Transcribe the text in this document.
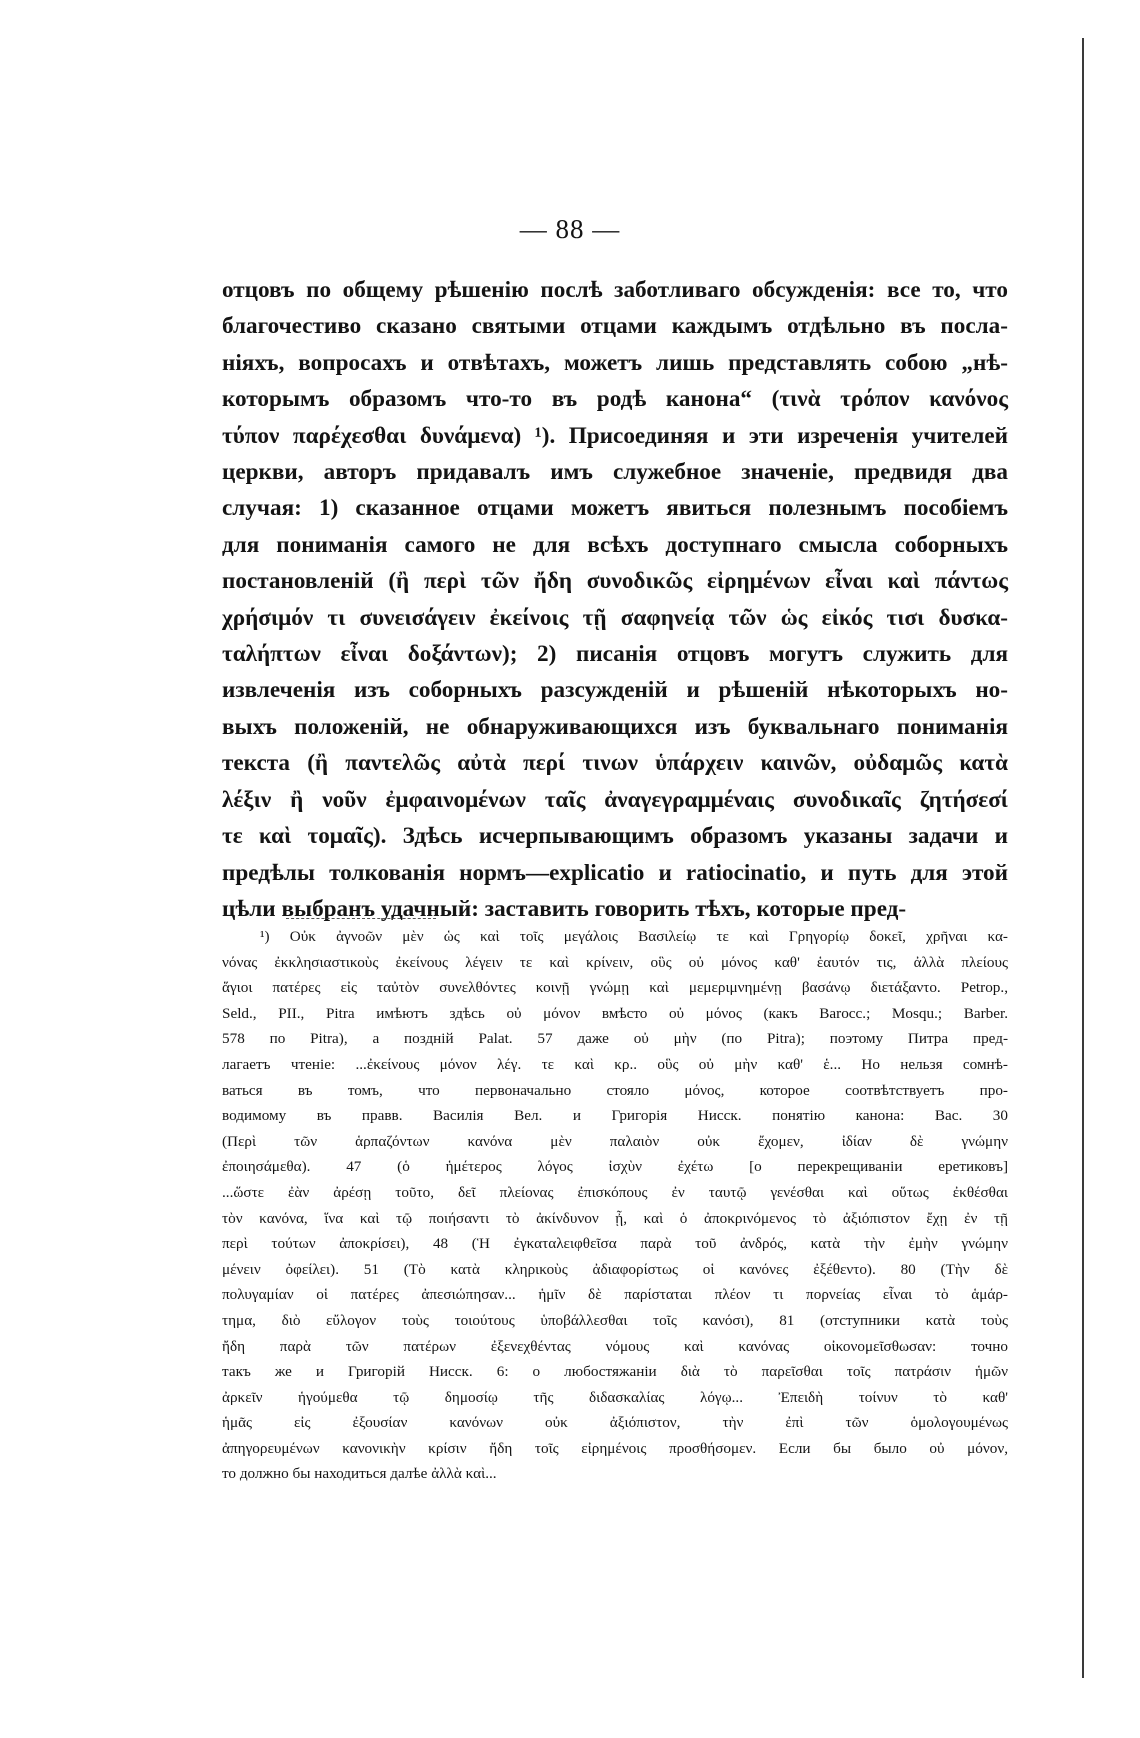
— 88 —
отцовъ по общему рѣшенію послѣ заботливаго обсужденія: все то, что
благочестиво сказано святыми отцами каждымъ отдѣльно въ посла-
ніяхъ, вопросахъ и отвѣтахъ, можетъ лишь представлять собою „нѣ-
которымъ образомъ что-то въ родѣ канона“ (τινὰ τρόπον κανόνος
τύπον παρέχεσθαι δυνάμενα) ¹). Присоединяя и эти изреченія учителей
церкви, авторъ придавалъ имъ служебное значеніе, предвидя два
случая: 1) сказанное отцами можетъ явиться полезнымъ пособіемъ
для пониманія самого не для всѣхъ доступнаго смысла соборныхъ
постановленій (ἢ περὶ τῶν ἤδη συνοδικῶς εἰρημένων εἶναι καὶ πάντως
χρήσιμόν τι συνεισάγειν ἐκείνοις τῇ σαφηνείᾳ τῶν ὡς εἰκός τισι δυσκα-
ταλήπτων εἶναι δοξάντων); 2) писанія отцовъ могутъ служить для
извлеченія изъ соборныхъ разсужденій и рѣшеній нѣкоторыхъ но-
выхъ положеній, не обнаруживающихся изъ буквальнаго пониманія
текста (ἢ παντελῶς αὐτὰ περί τινων ὑπάρχειν καινῶν, οὐδαμῶς κατὰ
λέξιν ἢ νοῦν ἐμφαινομένων ταῖς ἀναγεγραμμέναις συνοδικαῖς ζητήσεσί
τε καὶ τομαῖς). Здѣсь исчерпывающимъ образомъ указаны задачи и
предѣлы толкованія нормъ—explicatio и ratiocinatio, и путь для этой
цѣли выбранъ удачный: заставить говорить тѣхъ, которые пред-
¹) Οὐκ ἀγνοῶν μὲν ὡς καὶ τοῖς μεγάλοις Βασιλείῳ τε καὶ Γρηγορίῳ δοκεῖ, χρῆναι κα-
νόνας ἐκκλησιαστικοὺς ἐκείνους λέγειν τε καὶ κρίνειν, οὓς οὐ μόνος καθ' ἑαυτόν τις, ἀλλὰ πλείους
ἅγιοι πατέρες εἰς ταὐτὸν συνελθόντες κοινῇ γνώμῃ καὶ μεμεριμνημένῃ βασάνῳ διετάξαντο. Petrop.,
Seld., PII., Pitra имѣютъ здѣсь οὐ μόνον вмѣсто οὐ μόνος (какъ Barocc.; Mosqu.; Barber.
578 по Pitra), а поздній Palat. 57 даже οὐ μὴν (по Pitra); поэтому Питра пред-
лагаетъ чтеніе: ...ἐκείνους μόνον λέγ. τε καὶ κρ.. οὓς οὐ μὴν καθ' ἑ... Но нельзя сомнѣ-
ваться въ томъ, что первоначально стояло μόνος, которое соотвѣтствуетъ про-
водимому въ правв. Василія Вел. и Григорія Нисск. понятію канона: Вас. 30
(Περὶ τῶν ἁρπαζόντων κανόνα μὲν παλαιὸν οὐκ ἔχομεν, ἰδίαν δὲ γνώμην
ἐποιησάμεθα). 47 (ὁ ἡμέτερος λόγος ἰσχὺν ἐχέτω [о перекрещиваніи еретиковъ]
...ὥστε ἐὰν ἀρέσῃ τοῦτο, δεῖ πλείονας ἐπισκόπους ἐν ταυτῷ γενέσθαι καὶ οὕτως ἐκθέσθαι
τὸν κανόνα, ἵνα καὶ τῷ ποιήσαντι τὸ ἀκίνδυνον ᾖ, καὶ ὁ ἀποκρινόμενος τὸ ἀξιόπιστον ἔχῃ ἐν τῇ
περὶ τούτων ἀποκρίσει), 48 (Ἡ ἐγκαταλειφθεῖσα παρὰ τοῦ ἀνδρός, κατὰ τὴν ἐμὴν γνώμην
μένειν ὀφείλει). 51 (Τὸ κατὰ κληρικοὺς ἀδιαφορίστως οἱ κανόνες ἐξέθεντο). 80 (Τὴν δὲ
πολυγαμίαν οἱ πατέρες ἀπεσιώπησαν... ἡμῖν δὲ παρίσταται πλέον τι πορνείας εἶναι τὸ ἁμάρ-
τημα, διὸ εὔλογον τοὺς τοιούτους ὑποβάλλεσθαι τοῖς κανόσι), 81 (отступники κατὰ τοὺς
ἤδη παρὰ τῶν πατέρων ἐξενεχθέντας νόμους καὶ κανόνας οἰκονομεῖσθωσαν: точно
такъ же и Григорій Нисск. 6: о любостяжаніи διὰ τὸ παρεῖσθαι τοῖς πατράσιν ἡμῶν
ἀρκεῖν ἡγούμεθα τῷ δημοσίῳ τῆς διδασκαλίας λόγῳ... Ἐπειδὴ τοίνυν τὸ καθ'
ἡμᾶς εἰς ἐξουσίαν κανόνων οὐκ ἀξιόπιστον, τὴν ἐπὶ τῶν ὁμολογουμένως
ἀπηγορευμένων κανονικὴν κρίσιν ἤδη τοῖς εἰρημένοις προσθήσομεν. Если бы было οὐ μόνον,
то должно бы находиться далѣе ἀλλὰ καὶ...
